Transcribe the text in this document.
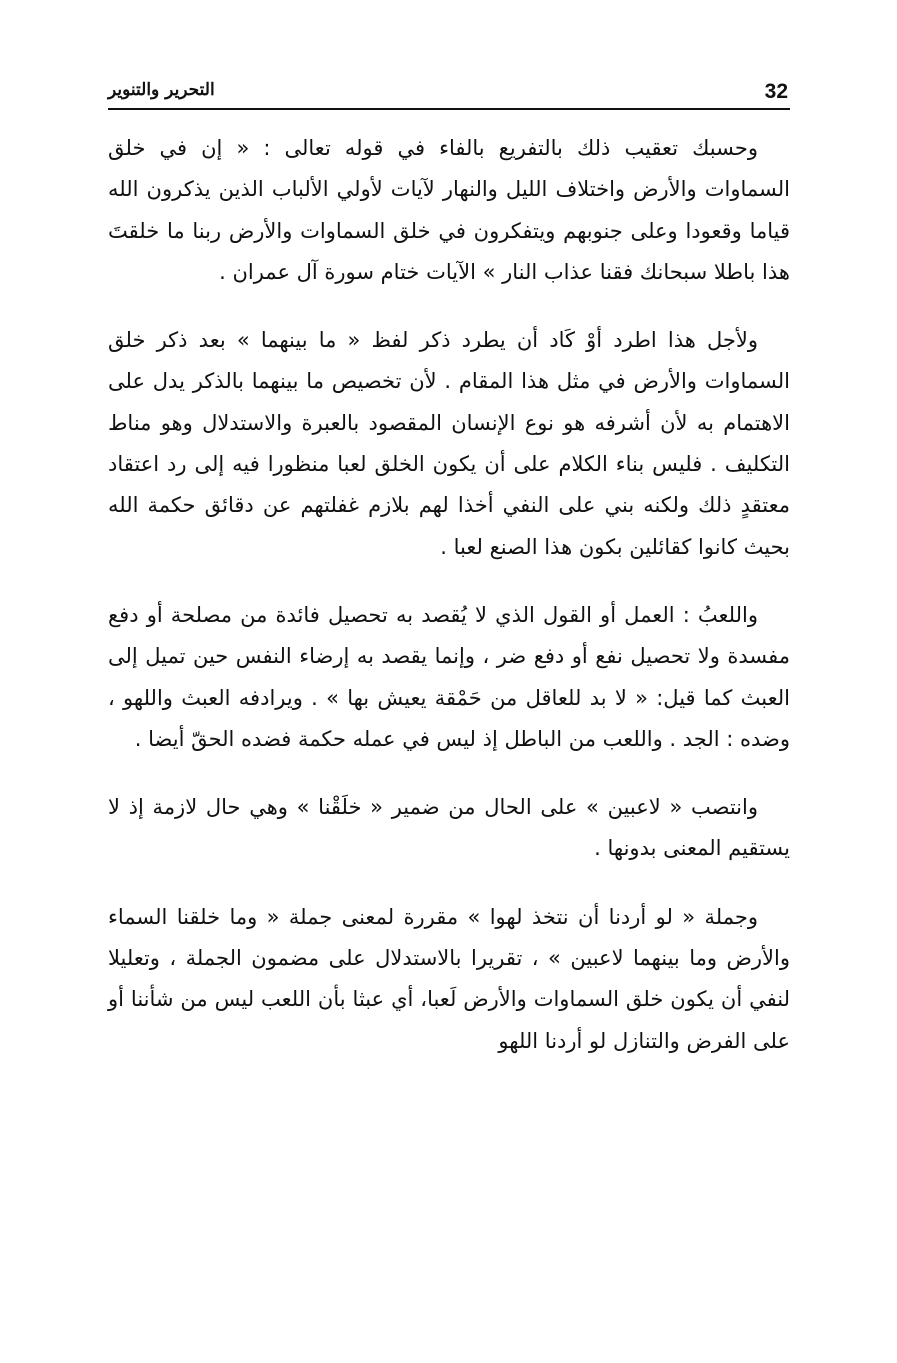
32
التحرير والتنوير

وحسبك تعقيب ذلك بالتفريع بالفاء في قوله تعالى : « إن في خلق السماوات والأرض واختلاف الليل والنهار لآيات لأولي الألباب الذين يذكرون الله قياما وقعودا وعلى جنوبهم ويتفكرون في خلق السماوات والأرض ربنا ما خلقتَ هذا باطلا سبحانك فقنا عذاب النار » الآيات ختام سورة آل عمران .

ولأجل هذا اطرد أوْ كَاد أن يطرد ذكر لفظ « ما بينهما » بعد ذكر خلق السماوات والأرض في مثل هذا المقام . لأن تخصيص ما بينهما بالذكر يدل على الاهتمام به لأن أشرفه هو نوع الإنسان المقصود بالعبرة والاستدلال وهو مناط التكليف . فليس بناء الكلام على أن يكون الخلق لعبا منظورا فيه إلى رد اعتقاد معتقدٍ ذلك ولكنه بني على النفي أخذا لهم بلازم غفلتهم عن دقائق حكمة الله بحيث كانوا كقائلين بكون هذا الصنع لعبا .

واللعبُ : العمل أو القول الذي لا يُقصد به تحصيل فائدة من مصلحة أو دفع مفسدة ولا تحصيل نفع أو دفع ضر ، وإنما يقصد به إرضاء النفس حين تميل إلى العبث كما قيل: « لا بد للعاقل من حَمْقة يعيش بها » . ويرادفه العبث واللهو ، وضده : الجد . واللعب من الباطل إذ ليس في عمله حكمة فضده الحقّ أيضا .

وانتصب « لاعبين » على الحال من ضمير « خلَقْنا » وهي حال لازمة إذ لا يستقيم المعنى بدونها .

وجملة « لو أردنا أن نتخذ لهوا » مقررة لمعنى جملة « وما خلقنا السماء والأرض وما بينهما لاعبين » ، تقريرا بالاستدلال على مضمون الجملة ، وتعليلا لنفي أن يكون خلق السماوات والأرض لَعبا، أي عبثا بأن اللعب ليس من شأننا أو على الفرض والتنازل لو أردنا اللهو
